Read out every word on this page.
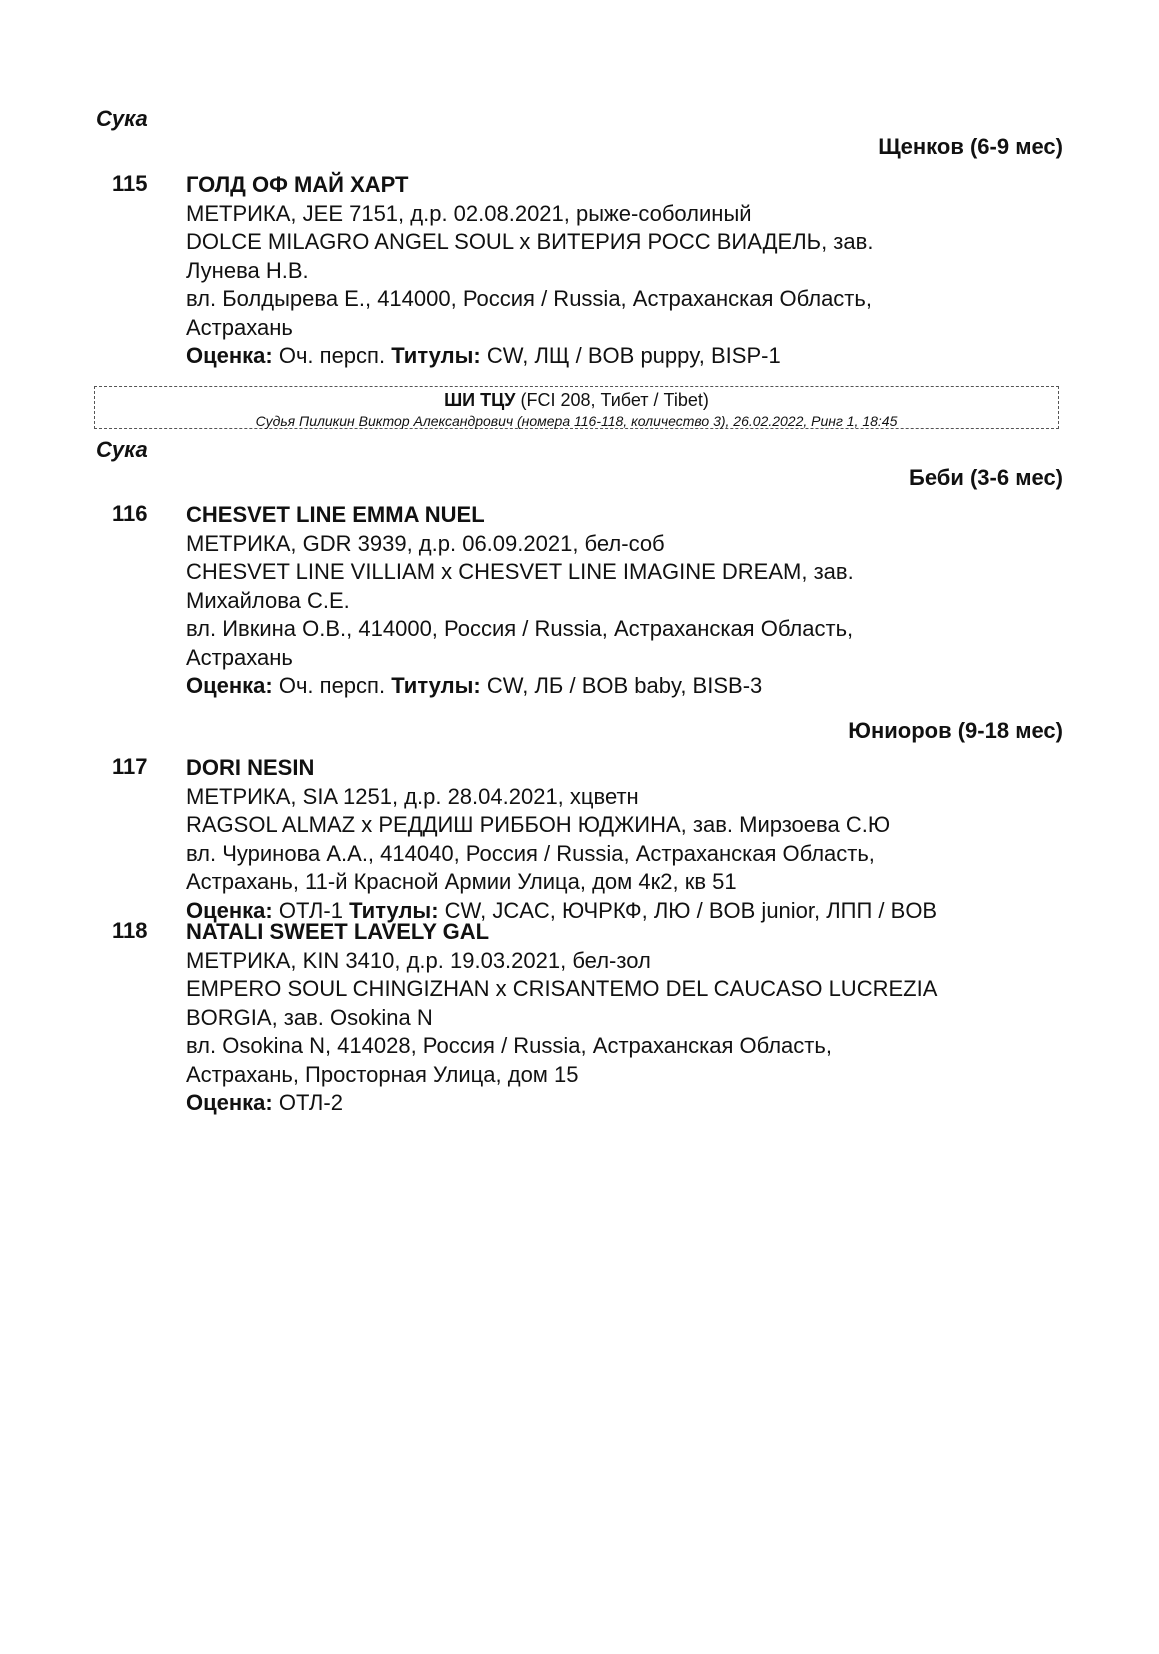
Сука
Щенков (6-9 мес)
115 ГОЛД ОФ МАЙ ХАРТ
МЕТРИКА, JEE 7151, д.р. 02.08.2021, рыже-соболиный
DOLCE MILAGRO ANGEL SOUL x ВИТЕРИЯ РОСС ВИАДЕЛЬ, зав.
Лунева Н.В.
вл. Болдырева Е., 414000, Россия / Russia, Астраханская Область,
Астрахань
Оценка: Оч. персп. Титулы: CW, ЛЩ / BOB puppy, BISP-1
ШИ ТЦУ (FCI 208, Тибет / Tibet)
Судья Пиликин Виктор Александрович (номера 116-118, количество 3), 26.02.2022, Ринг 1, 18:45
Сука
Беби (3-6 мес)
116 CHESVET LINE EMMA NUEL
МЕТРИКА, GDR 3939, д.р. 06.09.2021, бел-соб
CHESVET LINE VILLIAM x CHESVET LINE IMAGINE DREAM, зав.
Михайлова С.Е.
вл. Ивкина О.В., 414000, Россия / Russia, Астраханская Область,
Астрахань
Оценка: Оч. персп. Титулы: CW, ЛБ / BOB baby, BISB-3
Юниоров (9-18 мес)
117 DORI NESIN
МЕТРИКА, SIA 1251, д.р. 28.04.2021, хцветн
RAGSOL ALMAZ x РЕДДИШ РИББОН ЮДЖИНА, зав. Мирзоева С.Ю
вл. Чуринова А.А., 414040, Россия / Russia, Астраханская Область,
Астрахань, 11-й Красной Армии Улица, дом 4к2, кв 51
Оценка: ОТЛ-1 Титулы: CW, JCAC, ЮЧРКФ, ЛЮ / BOB junior, ЛПП / BOB
118 NATALI SWEET LAVELY GAL
МЕТРИКА, KIN 3410, д.р. 19.03.2021, бел-зол
EMPERO SOUL CHINGIZHAN x CRISANTEMO DEL CAUCASO LUCREZIA
BORGIA, зав. Osokina N
вл. Osokina N, 414028, Россия / Russia, Астраханская Область,
Астрахань, Просторная Улица, дом 15
Оценка: ОТЛ-2
